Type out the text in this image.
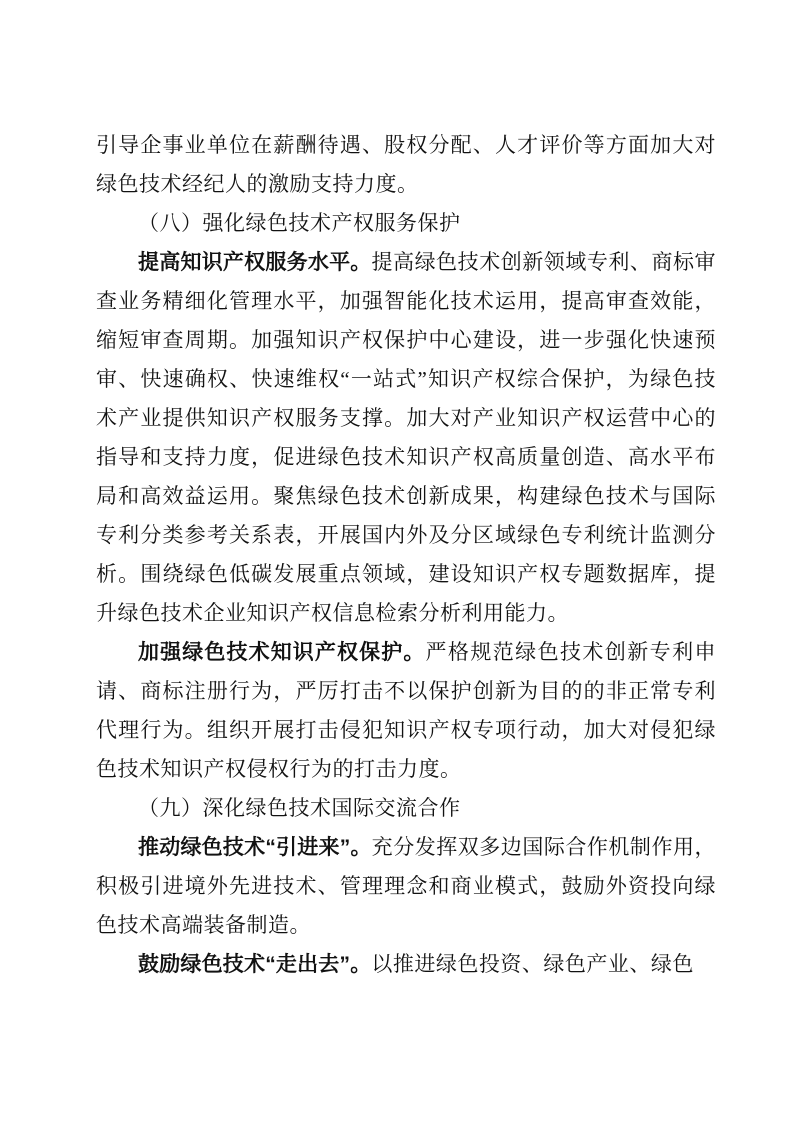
引导企事业单位在薪酬待遇、股权分配、人才评价等方面加大对绿色技术经纪人的激励支持力度。

（八）强化绿色技术产权服务保护

提高知识产权服务水平。提高绿色技术创新领域专利、商标审查业务精细化管理水平，加强智能化技术运用，提高审查效能，缩短审查周期。加强知识产权保护中心建设，进一步强化快速预审、快速确权、快速维权“一站式”知识产权综合保护，为绿色技术产业提供知识产权服务支撑。加大对产业知识产权运营中心的指导和支持力度，促进绿色技术知识产权高质量创造、高水平布局和高效益运用。聚焦绿色技术创新成果，构建绿色技术与国际专利分类参考关系表，开展国内外及分区域绿色专利统计监测分析。围绕绿色低碳发展重点领域，建设知识产权专题数据库，提升绿色技术企业知识产权信息检索分析利用能力。

加强绿色技术知识产权保护。严格规范绿色技术创新专利申请、商标注册行为，严厉打击不以保护创新为目的的非正常专利代理行为。组织开展打击侵犯知识产权专项行动，加大对侵犯绿色技术知识产权侵权行为的打击力度。

（九）深化绿色技术国际交流合作

推动绿色技术“引进来”。充分发挥双多边国际合作机制作用，积极引进境外先进技术、管理理念和商业模式，鼓励外资投向绿色技术高端装备制造。

鼓励绿色技术“走出去”。以推进绿色投资、绿色产业、绿色
